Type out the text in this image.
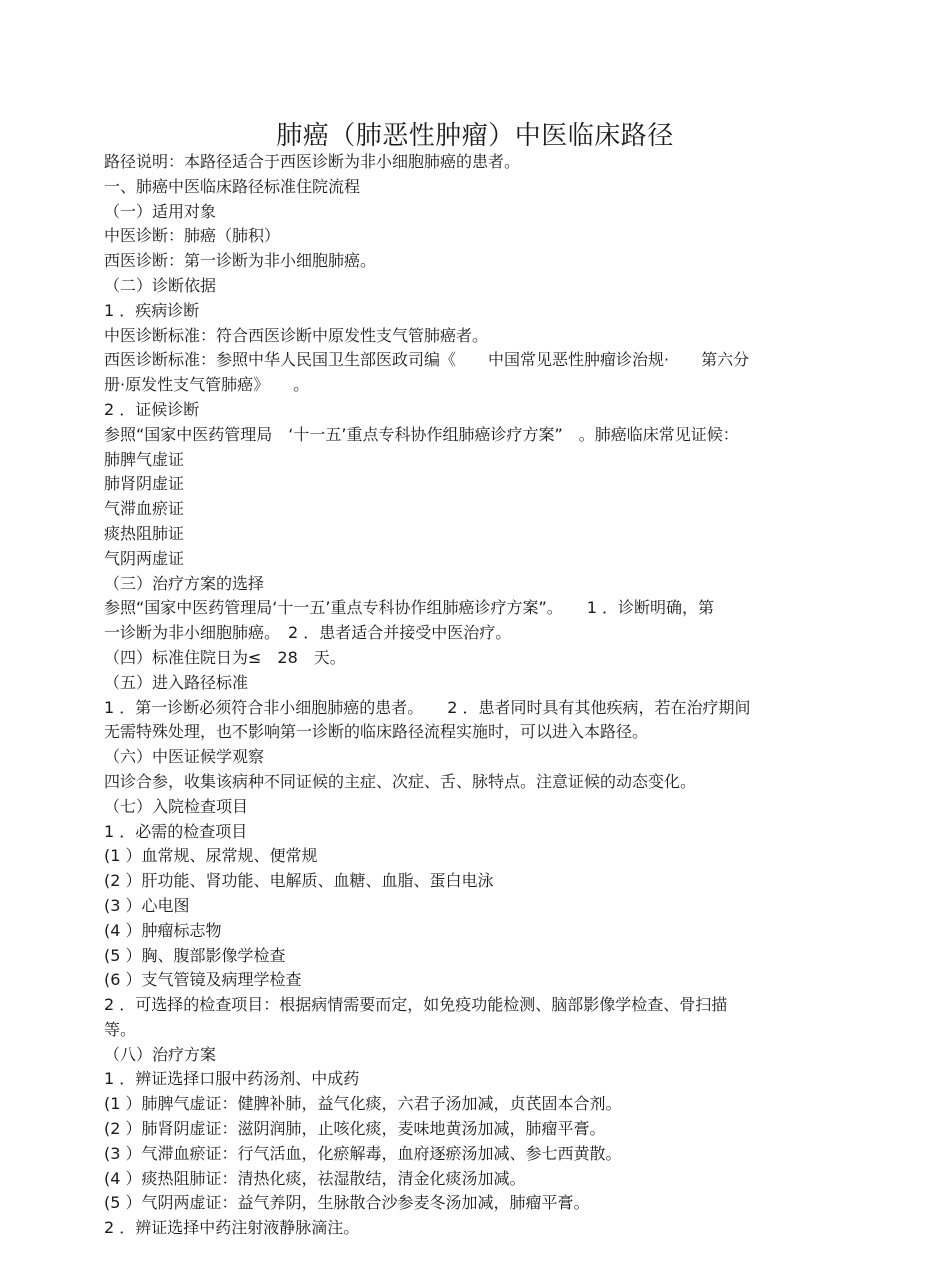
肺癌（肺恶性肿瘤）中医临床路径
路径说明：本路径适合于西医诊断为非小细胞肺癌的患者。
一、肺癌中医临床路径标准住院流程
（一）适用对象
中医诊断：肺癌（肺积）
西医诊断：第一诊断为非小细胞肺癌。
（二）诊断依据
1 ．疾病诊断
中医诊断标准：符合西医诊断中原发性支气管肺癌者。
西医诊断标准：参照中华人民国卫生部医政司编《　　中国常见恶性肿瘤诊治规·　　第六分
册·原发性支气管肺癌》　　。
2 ．证候诊断
参照“国家中医药管理局　‘十一五’重点专科协作组肺癌诊疗方案”　。肺癌临床常见证候：
肺脾气虚证
肺肾阴虚证
气滞血瘀证
痰热阻肺证
气阴两虚证
（三）治疗方案的选择
参照“国家中医药管理局‘十一五’重点专科协作组肺癌诊疗方案”。　　1 ．诊断明确，第
一诊断为非小细胞肺癌。　2 ．患者适合并接受中医治疗。
（四）标准住院日为≤　28　天。
（五）进入路径标准
1 ．第一诊断必须符合非小细胞肺癌的患者。　　2 ．患者同时具有其他疾病，若在治疗期间
无需特殊处理，也不影响第一诊断的临床路径流程实施时，可以进入本路径。
（六）中医证候学观察
四诊合参，收集该病种不同证候的主症、次症、舌、脉特点。注意证候的动态变化。
（七）入院检查项目
1 ．必需的检查项目
(1 ）血常规、尿常规、便常规
(2 ）肝功能、肾功能、电解质、血糖、血脂、蛋白电泳
(3 ）心电图
(4 ）肿瘤标志物
(5 ）胸、腹部影像学检查
(6 ）支气管镜及病理学检查
2 ．可选择的检查项目：根据病情需要而定，如免疫功能检测、脑部影像学检查、骨扫描
等。
（八）治疗方案
1 ．辨证选择口服中药汤剂、中成药
(1 ）肺脾气虚证：健脾补肺，益气化痰，六君子汤加减，贞芪固本合剂。
(2 ）肺肾阴虚证：滋阴润肺，止咳化痰，麦味地黄汤加减，肺瘤平膏。
(3 ）气滞血瘀证：行气活血，化瘀解毒，血府逐瘀汤加减、参七西黄散。
(4 ）痰热阻肺证：清热化痰，祛湿散结，清金化痰汤加减。
(5 ）气阴两虚证：益气养阴，生脉散合沙参麦冬汤加减，肺瘤平膏。
2 ．辨证选择中药注射液静脉滴注。
